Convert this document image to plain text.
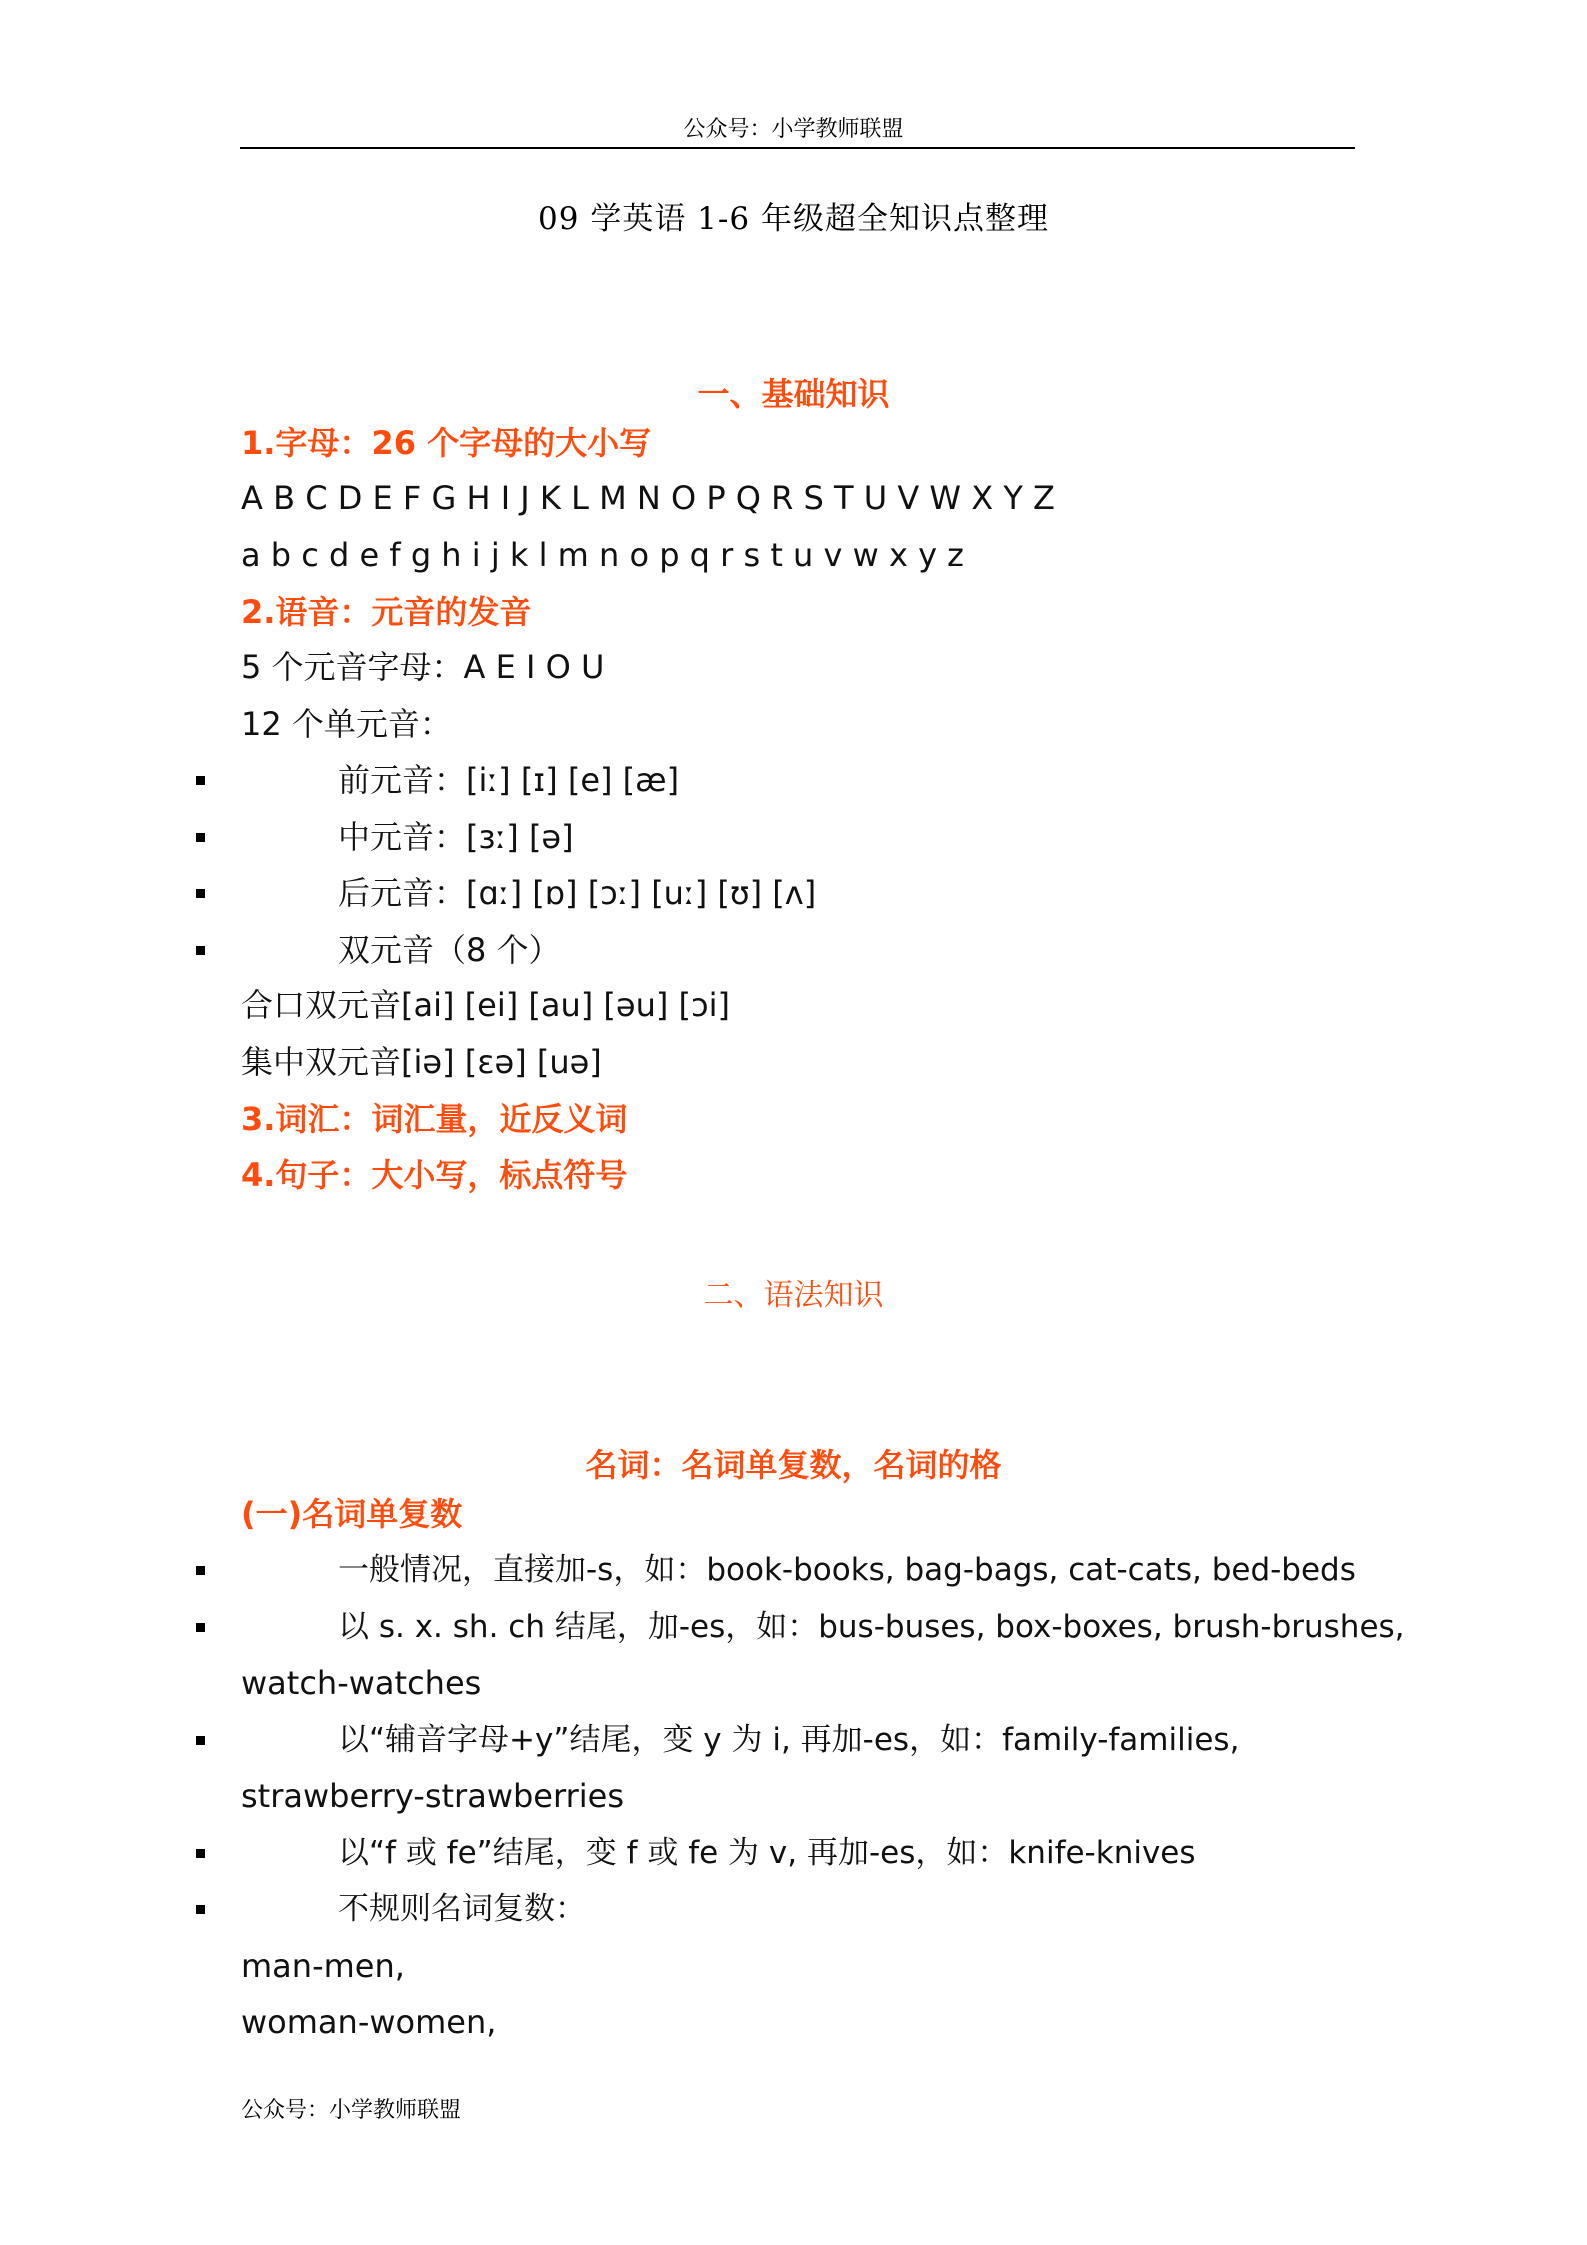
公众号：小学教师联盟
09 学英语 1-6 年级超全知识点整理
一、基础知识
1.字母：26 个字母的大小写
A B C D E F G H I J K L M N O P Q R S T U V W X Y Z
a b c d e f g h i j k l m n o p q r s t u v w x y z
2.语音：元音的发音
5 个元音字母：A E I O U
12 个单元音：
前元音：[iː] [ɪ] [e] [æ]
中元音：[ɜː] [ə]
后元音：[ɑː] [ɒ] [ɔː] [uː] [ʊ] [ʌ]
双元音（8 个）
合口双元音[ai] [ei] [au] [əu] [ɔi]
集中双元音[iə] [ɛə] [uə]
3.词汇：词汇量，近反义词
4.句子：大小写，标点符号
二、语法知识
名词：名词单复数，名词的格
(一)名词单复数
一般情况，直接加-s，如：book-books, bag-bags, cat-cats, bed-beds
以 s. x. sh. ch 结尾，加-es，如：bus-buses, box-boxes, brush-brushes,
watch-watches
以“辅音字母+y”结尾，变 y 为 i, 再加-es，如：family-families,
strawberry-strawberries
以“f 或 fe”结尾，变 f 或 fe 为 v, 再加-es，如：knife-knives
不规则名词复数：
man-men,
woman-women,
公众号：小学教师联盟
